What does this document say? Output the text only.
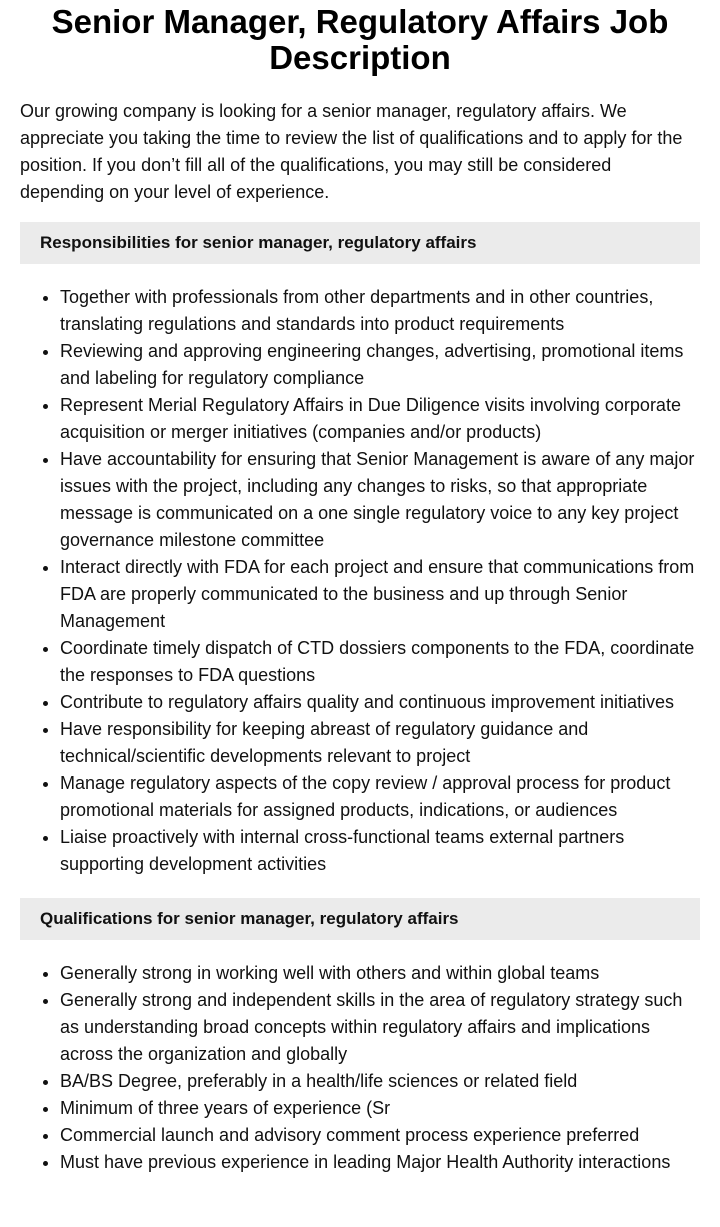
Senior Manager, Regulatory Affairs Job Description

Our growing company is looking for a senior manager, regulatory affairs. We appreciate you taking the time to review the list of qualifications and to apply for the position. If you don’t fill all of the qualifications, you may still be considered depending on your level of experience.

Responsibilities for senior manager, regulatory affairs
• Together with professionals from other departments and in other countries, translating regulations and standards into product requirements
• Reviewing and approving engineering changes, advertising, promotional items and labeling for regulatory compliance
• Represent Merial Regulatory Affairs in Due Diligence visits involving corporate acquisition or merger initiatives (companies and/or products)
• Have accountability for ensuring that Senior Management is aware of any major issues with the project, including any changes to risks, so that appropriate message is communicated on a one single regulatory voice to any key project governance milestone committee
• Interact directly with FDA for each project and ensure that communications from FDA are properly communicated to the business and up through Senior Management
• Coordinate timely dispatch of CTD dossiers components to the FDA, coordinate the responses to FDA questions
• Contribute to regulatory affairs quality and continuous improvement initiatives
• Have responsibility for keeping abreast of regulatory guidance and technical/scientific developments relevant to project
• Manage regulatory aspects of the copy review / approval process for product promotional materials for assigned products, indications, or audiences
• Liaise proactively with internal cross-functional teams external partners supporting development activities
Qualifications for senior manager, regulatory affairs
• Generally strong in working well with others and within global teams
• Generally strong and independent skills in the area of regulatory strategy such as understanding broad concepts within regulatory affairs and implications across the organization and globally
• BA/BS Degree, preferably in a health/life sciences or related field
• Minimum of three years of experience (Sr
• Commercial launch and advisory comment process experience preferred
• Must have previous experience in leading Major Health Authority interactions
